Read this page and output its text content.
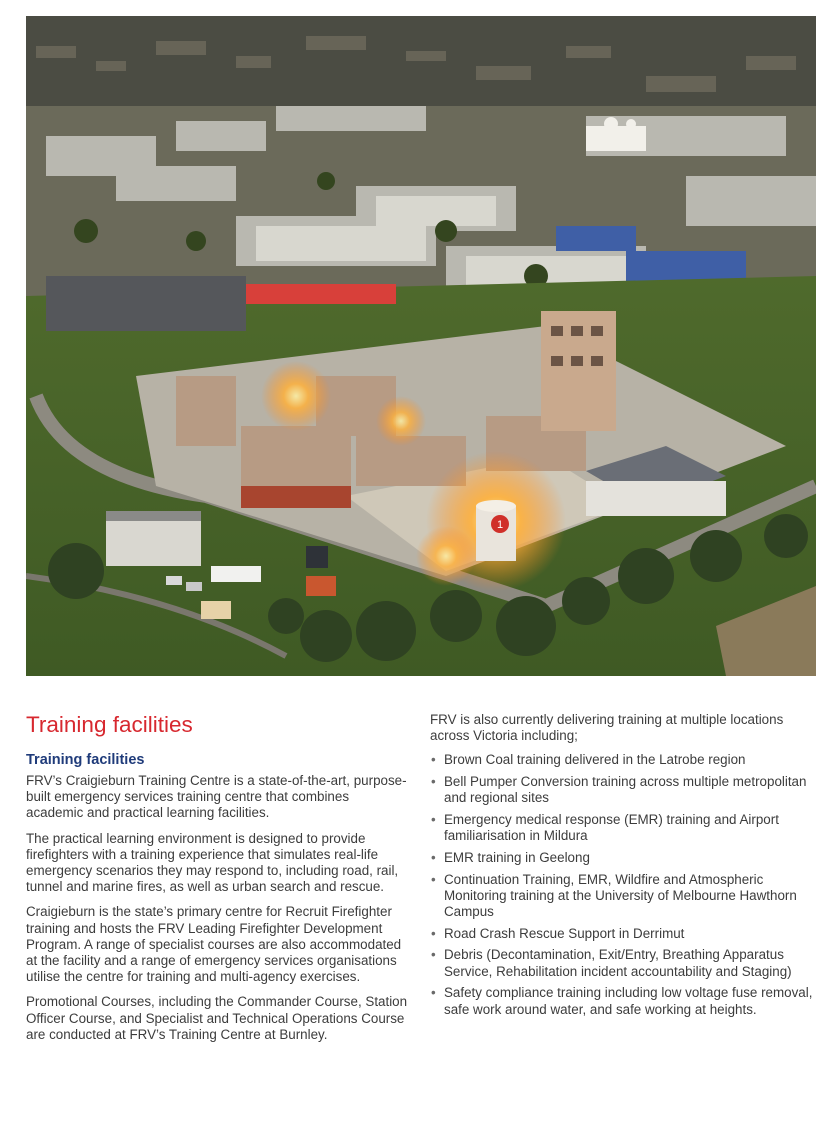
1
Training facilities
Training facilities

FRV’s Craigieburn Training Centre is a state-of-the-art, purpose-built emergency services training centre that combines academic and practical learning facilities.

The practical learning environment is designed to provide firefighters with a training experience that simulates real-life emergency scenarios they may respond to, including road, rail, tunnel and marine fires, as well as urban search and rescue.

Craigieburn is the state’s primary centre for Recruit Firefighter training and hosts the FRV Leading Firefighter Development Program. A range of specialist courses are also accommodated at the facility and a range of emergency services organisations utilise the centre for training and multi-agency exercises.

Promotional Courses, including the Commander Course, Station Officer Course, and Specialist and Technical Operations Course are conducted at FRV’s Training Centre at Burnley.

FRV is also currently delivering training at multiple locations across Victoria including;

• Brown Coal training delivered in the Latrobe region
• Bell Pumper Conversion training across multiple metropolitan and regional sites
• Emergency medical response (EMR) training and Airport familiarisation in Mildura
• EMR training in Geelong
• Continuation Training, EMR, Wildfire and Atmospheric Monitoring training at the University of Melbourne Hawthorn Campus
• Road Crash Rescue Support in Derrimut
• Debris (Decontamination, Exit/Entry, Breathing Apparatus Service, Rehabilitation incident accountability and Staging)
• Safety compliance training including low voltage fuse removal, safe work around water, and safe working at heights.
